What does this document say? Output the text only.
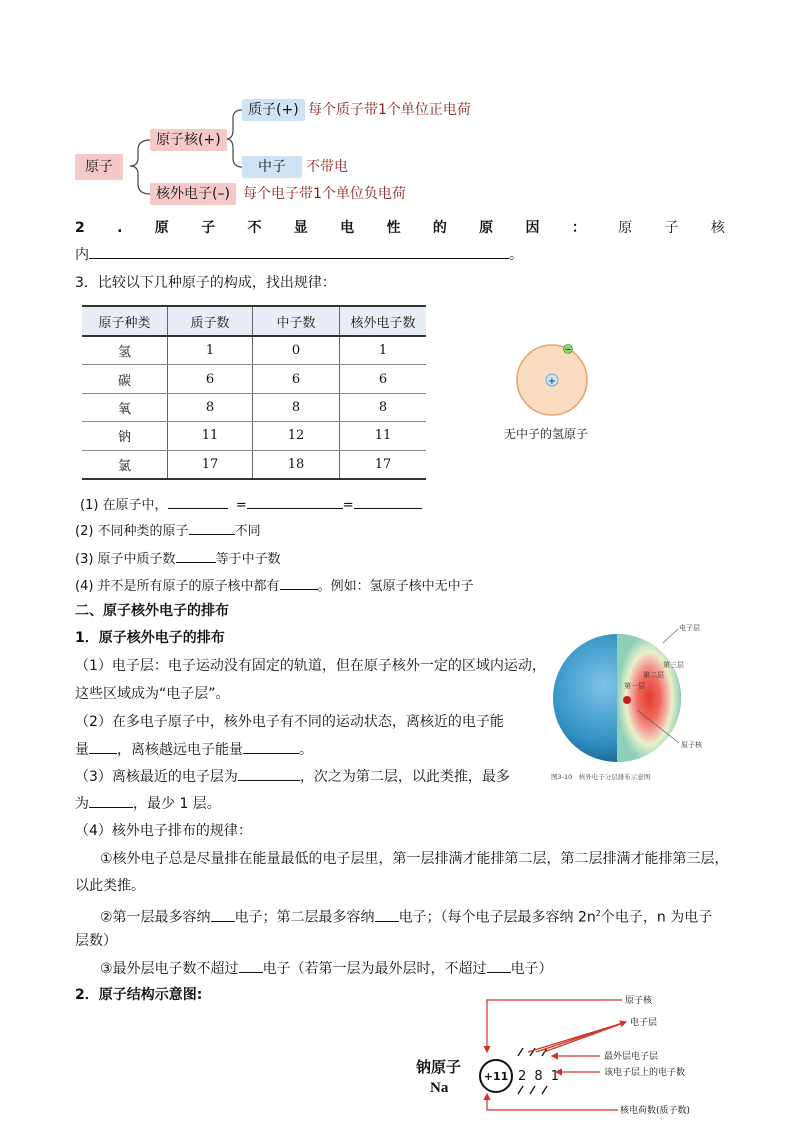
原子
原子核(+)
质子(+) 每个质子带1个单位正电荷
中子	不带电
核外电子(–) 每个电子带1个单位负电荷
2 . 原 子 不 显 电 性 的 原 因 ： 原 子 核
内	。
3．比较以下几种原子的构成，找出规律：
原子种类	质子数	中子数	核外电子数
氢	1	0	1
碳	6	6	6
氧	8	8	8
钠	11	12	11
氯	17	18	17
+
−
无中子的氢原子
(1) 在原子中，	=	=
(2) 不同种类的原子	不同
(3) 原子中质子数	等于中子数
(4) 并不是所有原子的原子核中都有	。例如：氢原子核中无中子
二、原子核外电子的排布
1．原子核外电子的排布
（1）电子层：电子运动没有固定的轨道，但在原子核外一定的区域内运动，
这些区域成为“电子层”。
（2）在多电子原子中，核外电子有不同的运动状态，离核近的电子能
量 ，离核越远电子能量	。
（3）离核最近的电子层为	，次之为第二层，以此类推，最多
为	，最少 1 层。
（4）核外电子排布的规律：
①核外电子总是尽量排在能量最低的电子层里，第一层排满才能排第二层，第二层排满才能排第三层，
以此类推。
②第一层最多容纳 电子；第二层最多容纳 电子；（每个电子层最多容纳 $2n^2$个电子，n 为电子
层数）
③最外层电子数不超过 电子（若第一层为最外层时，不超过 电子）
2．原子结构示意图:
电子层
第三层
第二层
第一层
原子核
图3-10　核外电子分层排布示意图
钠原子
Na
+11 2 8 1
原子核
电子层
最外层电子层
该电子层上的电子数
核电荷数(质子数)
